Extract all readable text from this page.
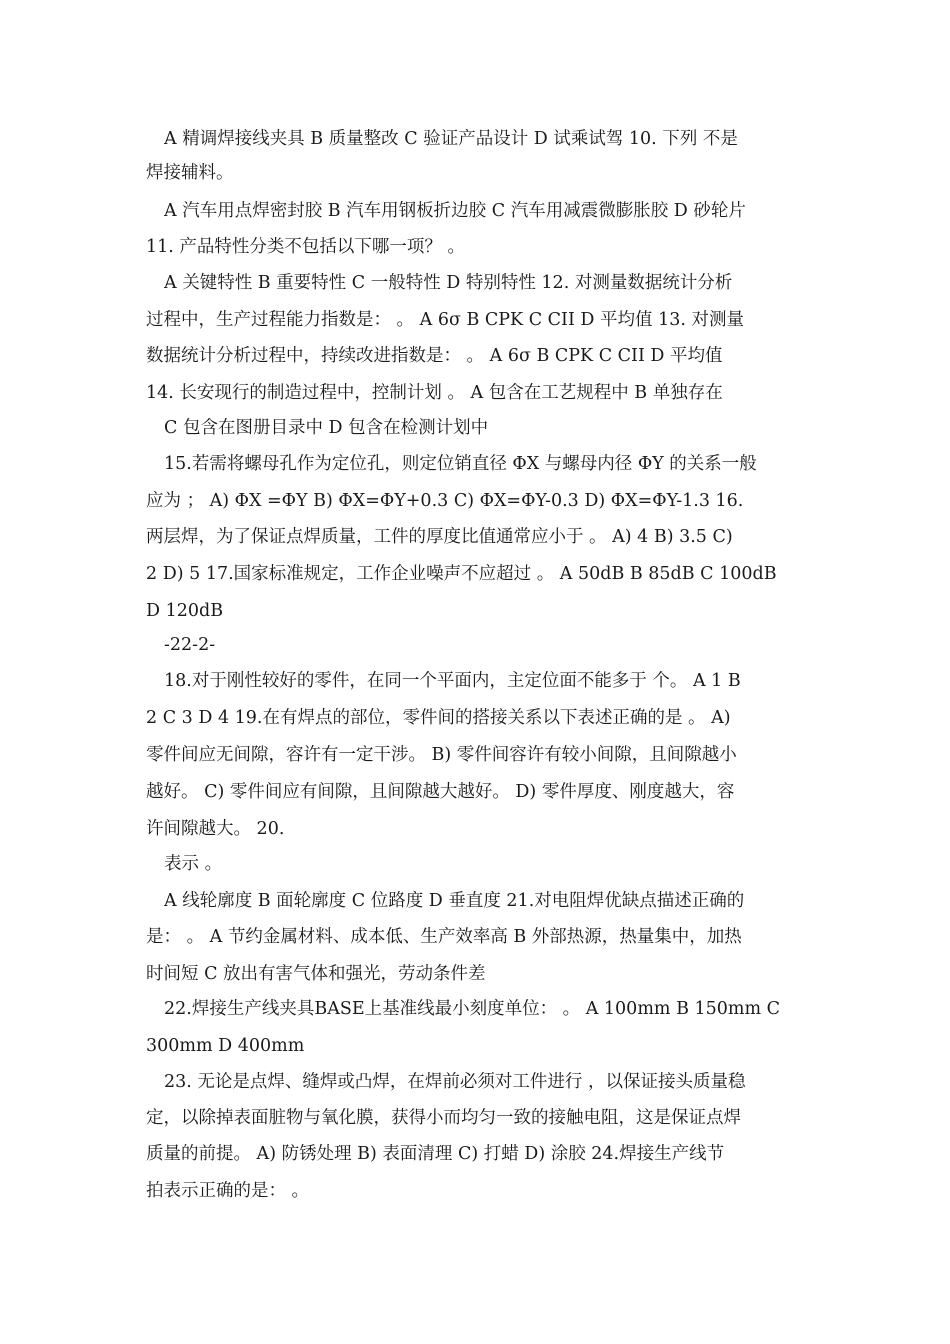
A 精调焊接线夹具 B 质量整改 C 验证产品设计 D 试乘试驾 10. 下列 不是
焊接辅料。
A 汽车用点焊密封胶 B 汽车用钢板折边胶 C 汽车用减震微膨胀胶 D 砂轮片
11. 产品特性分类不包括以下哪一项？ 。
A 关键特性 B 重要特性 C 一般特性 D 特别特性 12. 对测量数据统计分析
过程中，生产过程能力指数是： 。 A 6σ B CPK C CII D 平均值 13. 对测量
数据统计分析过程中，持续改进指数是： 。 A 6σ B CPK C CII D 平均值
14. 长安现行的制造过程中，控制计划 。 A 包含在工艺规程中 B 单独存在
C 包含在图册目录中 D 包含在检测计划中
15.若需将螺母孔作为定位孔，则定位销直径 ΦX 与螺母内径 ΦY 的关系一般
应为 ； A) ΦX =ΦY B) ΦX=ΦY+0.3 C) ΦX=ΦY-0.3 D) ΦX=ΦY-1.3 16.
两层焊，为了保证点焊质量，工件的厚度比值通常应小于 。 A) 4 B) 3.5 C)
2 D) 5 17.国家标准规定，工作企业噪声不应超过 。 A 50dB B 85dB C 100dB
D 120dB
-22-2-
18.对于刚性较好的零件，在同一个平面内，主定位面不能多于 个。 A 1 B
2 C 3 D 4 19.在有焊点的部位，零件间的搭接关系以下表述正确的是 。 A)
零件间应无间隙，容许有一定干涉。 B) 零件间容许有较小间隙，且间隙越小
越好。 C) 零件间应有间隙，且间隙越大越好。 D) 零件厚度、刚度越大，容
许间隙越大。 20.
表示 。
A 线轮廓度 B 面轮廓度 C 位路度 D 垂直度 21.对电阻焊优缺点描述正确的
是： 。 A 节约金属材料、成本低、生产效率高 B 外部热源，热量集中，加热
时间短 C 放出有害气体和强光，劳动条件差
22.焊接生产线夹具BASE上基准线最小刻度单位： 。 A 100mm B 150mm C
300mm D 400mm
23. 无论是点焊、缝焊或凸焊，在焊前必须对工件进行 ，以保证接头质量稳
定，以除掉表面脏物与氧化膜，获得小而均匀一致的接触电阻，这是保证点焊
质量的前提。 A) 防锈处理 B) 表面清理 C) 打蜡 D) 涂胶 24.焊接生产线节
拍表示正确的是： 。
